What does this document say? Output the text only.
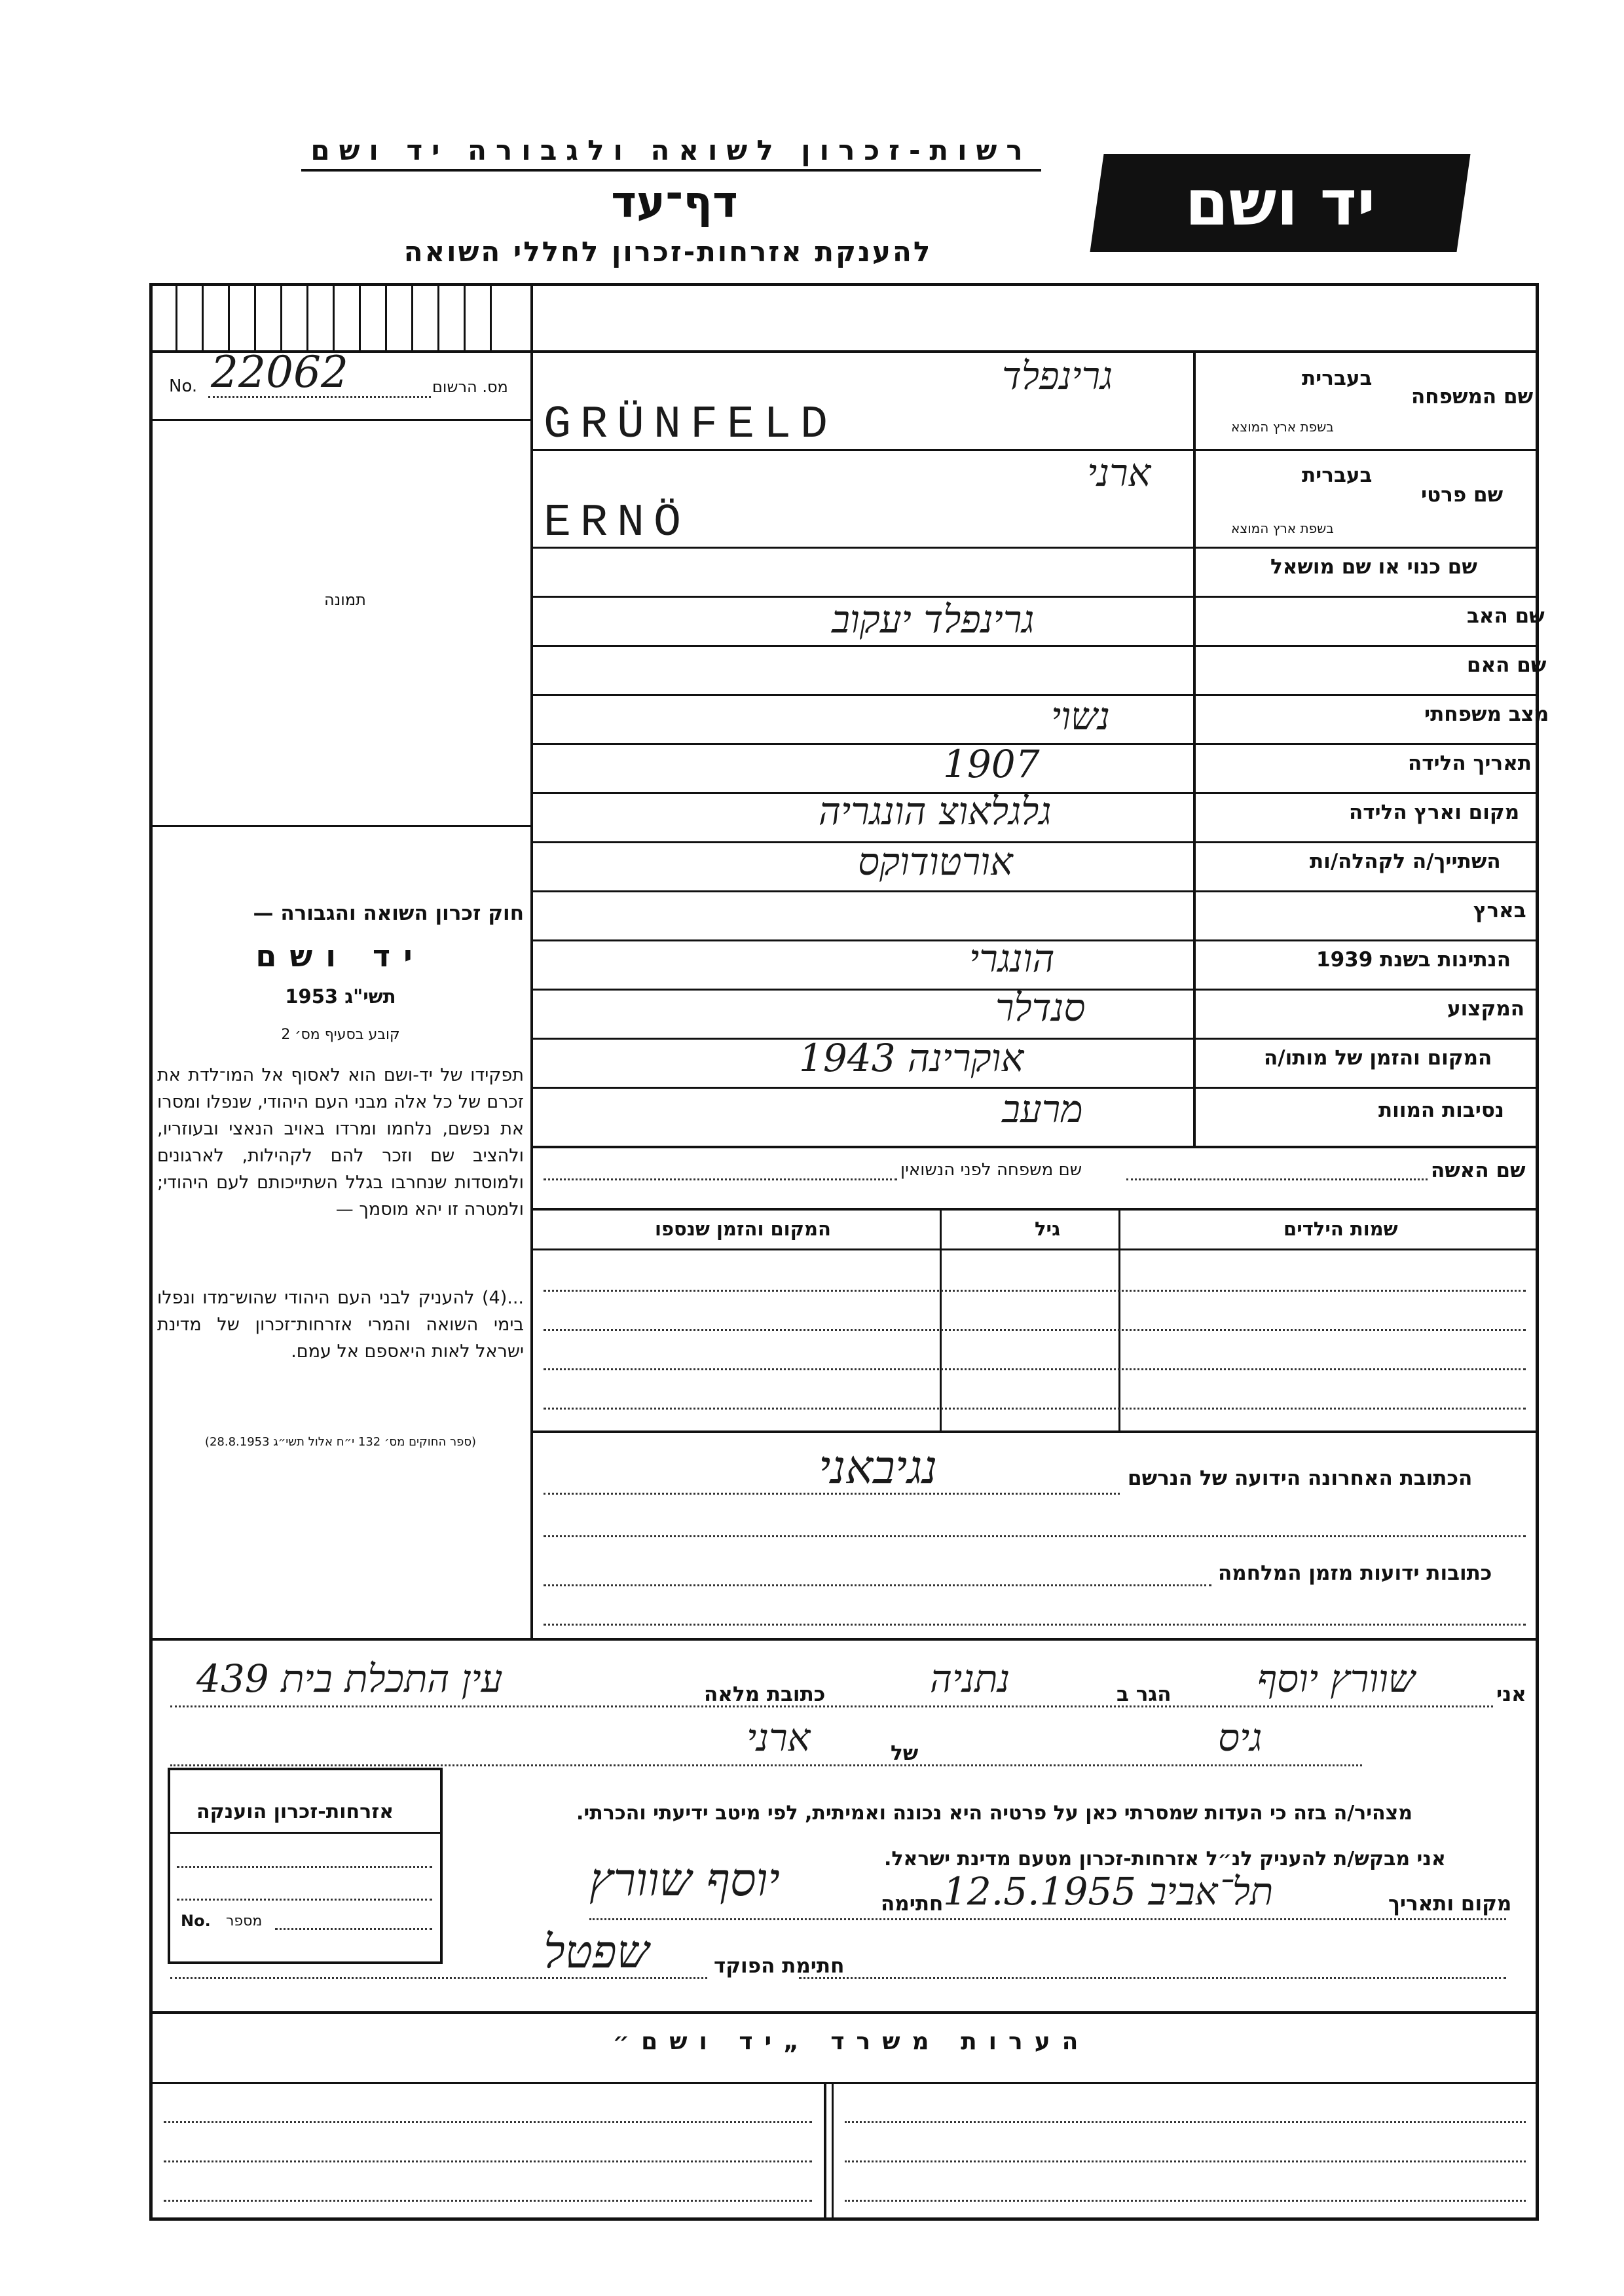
רשות-זכרון לשואה ולגבורה יד ושם
דף־עד
להענקת אזרחות-זכרון לחללי השואה
יד ושם
No. 22062	מס. הרשום
תמונה
שם המשפחה
בעברית
בשפת ארץ המוצא
גרינפלד
GRÜNFELD
שם פרטי
בעברית
בשפת ארץ המוצא
ארני
ERNÖ
שם כנוי או שם מושאל
שם האב
שם האם
מצב משפחתי
תאריך הלידה
מקום וארץ הלידה
השתייך/ה לקהלה/ות
בארץ
הנתינות בשנת 1939
המקצוע
המקום והזמן של מותו/ה
נסיבות המוות
גרינפלד יעקוב
נשוי
1907
גלגלאוצ הונגריה
אורטודוקס
הונגרי
סנדלר
אוקרינה 1943
מרעב
חוק זכרון השואה והגבורה —
יד ושם
תשי"ג 1953
קובע בסעיף מס׳ 2
תפקידו של יד-ושם הוא לאסוף אל המו־לדת את זכרם של כל אלה מבני העם היהודי, שנפלו ומסרו את נפשם, נלחמו ומרדו באויב הנאצי ובעוזריו, ולהציב שם וזכר להם לקהילות, לארגונים ולמוסדות שנחרבו בגלל השתייכותם לעם היהודי; ולמטרה זו יהא מוסמך —
...(4) להעניק לבני העם היהודי שהוש־מדו ונפלו בימי השואה והמרי אזרחות־זכרון של מדינת ישראל לאות היאספם אל עמם.
(ספר החוקים מס׳ 132 י״ח אלול תשי״ג 28.8.1953)
שם האשה
שם משפחה לפני הנשואין
שמות הילדים
גיל
המקום והזמן שנספו
הכתובת האחרונה הידועה של הנרשם
נגיבאני
כתובות ידועות מזמן המלחמה
אני
שוורץ יוסף
הגר ב
נתניה
כתובת מלאה
עין התכלת בית 439
גיס
של
ארני
מצהיר/ה בזה כי העדות שמסרתי כאן על פרטיה היא נכונה ואמיתית, לפי מיטב ידיעתי והכרתי.
אני מבקש/ת להעניק לנ״ל אזרחות-זכרון מטעם מדינת ישראל.
מקום ותאריך
תל־אביב 12.5.1955
חתימה
יוסף שוורץ
חתימת הפוקד
שפטל
אזרחות-זכרון הוענקה
No. מספר
הערות משרד „יד ושם״
